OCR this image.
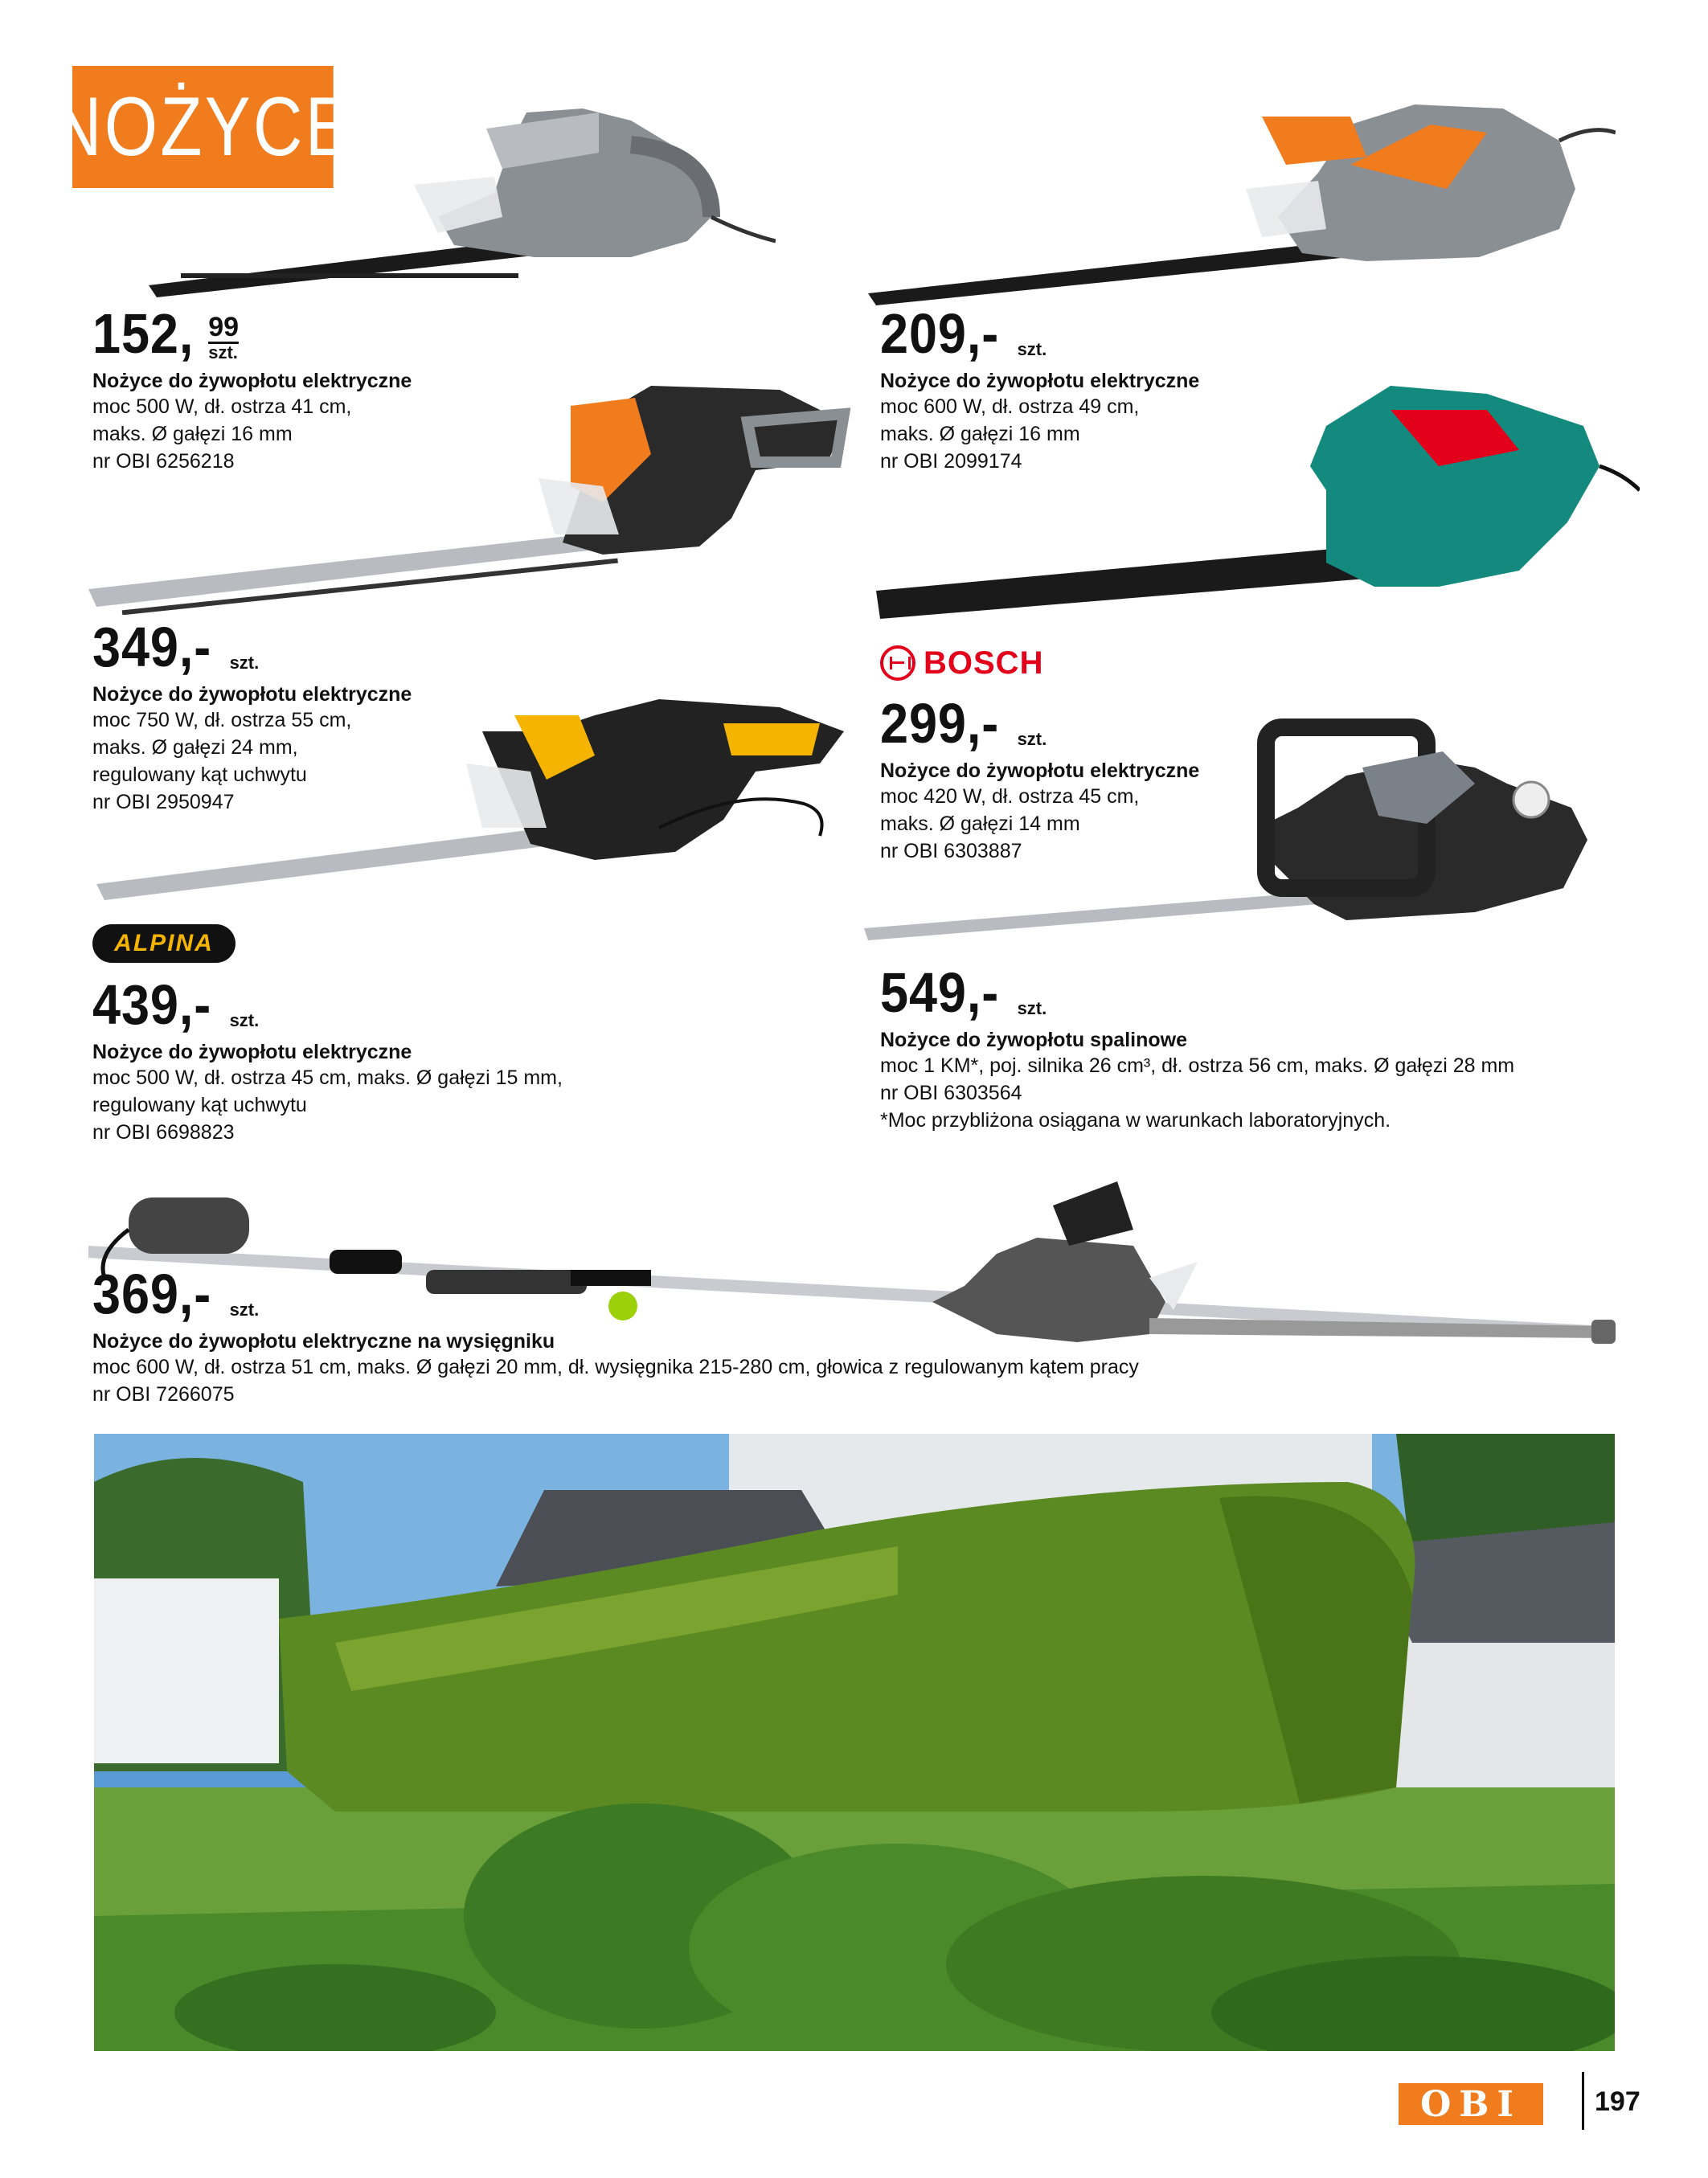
NOŻYCE
BOSCH
ALPINA
152, 99
szt.
Nożyce do żywopłotu elektryczne
moc 500 W, dł. ostrza 41 cm,
maks. Ø gałęzi 16 mm
nr OBI 6256218
209,- szt.
Nożyce do żywopłotu elektryczne
moc 600 W, dł. ostrza 49 cm,
maks. Ø gałęzi 16 mm
nr OBI 2099174
349,- szt.
Nożyce do żywopłotu elektryczne
moc 750 W, dł. ostrza 55 cm,
maks. Ø gałęzi 24 mm,
regulowany kąt uchwytu
nr OBI 2950947
299,- szt.
Nożyce do żywopłotu elektryczne
moc 420 W, dł. ostrza 45 cm,
maks. Ø gałęzi 14 mm
nr OBI 6303887
439,- szt.
Nożyce do żywopłotu elektryczne
moc 500 W, dł. ostrza 45 cm, maks. Ø gałęzi 15 mm,
regulowany kąt uchwytu
nr OBI 6698823
549,- szt.
Nożyce do żywopłotu spalinowe
moc 1 KM*, poj. silnika 26 cm³, dł. ostrza 56 cm, maks. Ø gałęzi 28 mm
nr OBI 6303564
*Moc przybliżona osiągana w warunkach laboratoryjnych.
369,- szt.
Nożyce do żywopłotu elektryczne na wysięgniku
moc 600 W, dł. ostrza 51 cm, maks. Ø gałęzi 20 mm, dł. wysięgnika 215-280 cm, głowica z regulowanym kątem pracy
nr OBI 7266075
OBI	197
